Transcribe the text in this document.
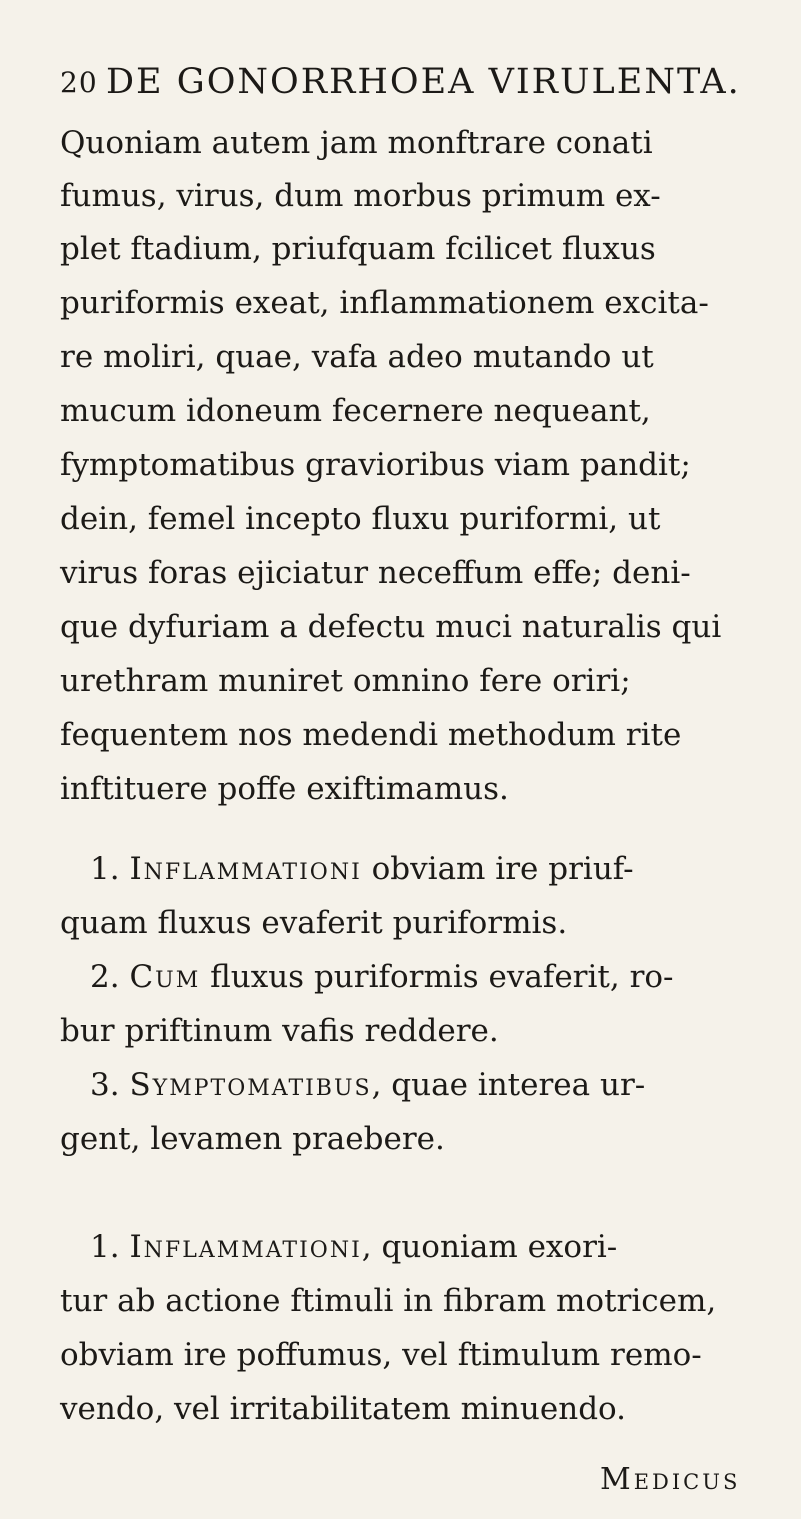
20 DE GONORRHOEA VIRULENTA.
Quoniam autem jam monftrare conati
fumus, virus, dum morbus primum ex-
plet ftadium, priufquam fcilicet fluxus
puriformis exeat, inflammationem excita-
re moliri, quae, vafa adeo mutando ut
mucum idoneum fecernere nequeant,
fymptomatibus gravioribus viam pandit;
dein, femel incepto fluxu puriformi, ut
virus foras ejiciatur neceffum effe; deni-
que dyfuriam a defectu muci naturalis qui
urethram muniret omnino fere oriri;
fequentem nos medendi methodum rite
inftituere poffe exiftimamus.
1. Inflammationi obviam ire priuf-
quam fluxus evaferit puriformis.
2. Cum fluxus puriformis evaferit, ro-
bur priftinum vafis reddere.
3. Symptomatibus, quae interea ur-
gent, levamen praebere.
1. Inflammationi, quoniam exori-
tur ab actione ftimuli in fibram motricem,
obviam ire poffumus, vel ftimulum remo-
vendo, vel irritabilitatem minuendo.
Medicus
